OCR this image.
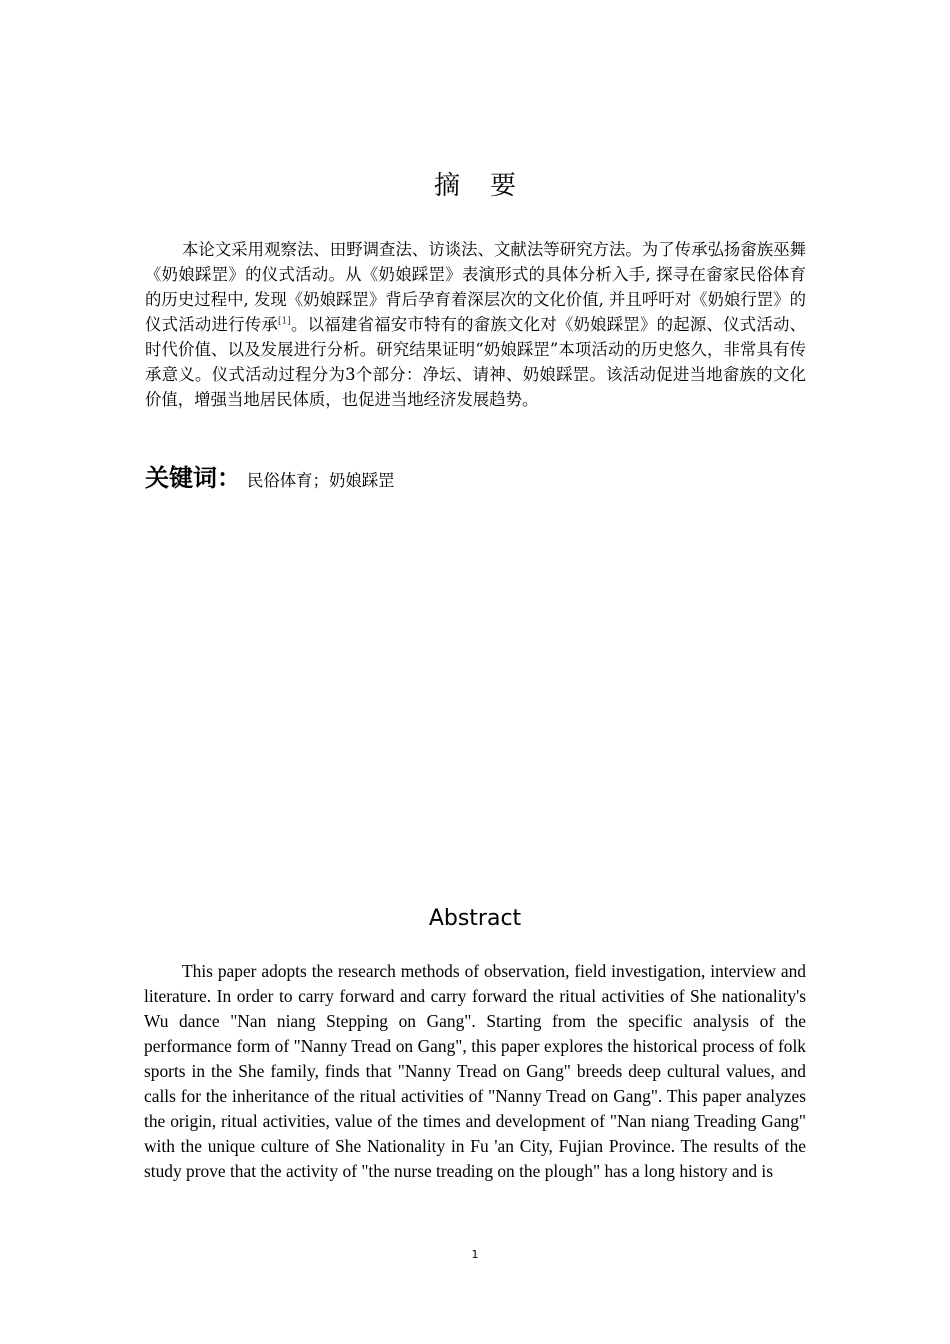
摘要

本论文采用观察法、田野调查法、访谈法、文献法等研究方法。为了传承弘扬畲族巫舞《奶娘踩罡》的仪式活动。从《奶娘踩罡》表演形式的具体分析入手, 探寻在畲家民俗体育的历史过程中, 发现《奶娘踩罡》背后孕育着深层次的文化价值, 并且呼吁对《奶娘行罡》的仪式活动进行传承[1]。以福建省福安市特有的畲族文化对《奶娘踩罡》的起源、仪式活动、时代价值、以及发展进行分析。研究结果证明“奶娘踩罡”本项活动的历史悠久，非常具有传承意义。仪式活动过程分为3个部分：净坛、请神、奶娘踩罡。该活动促进当地畲族的文化价值，增强当地居民体质，也促进当地经济发展趋势。

关键词： 民俗体育；奶娘踩罡
Abstract

This paper adopts the research methods of observation, field investigation, interview and literature. In order to carry forward and carry forward the ritual activities of She nationality's Wu dance "Nan niang Stepping on Gang". Starting from the specific analysis of the performance form of "Nanny Tread on Gang", this paper explores the historical process of folk sports in the She family, finds that "Nanny Tread on Gang" breeds deep cultural values, and calls for the inheritance of the ritual activities of "Nanny Tread on Gang". This paper analyzes the origin, ritual activities, value of the times and development of "Nan niang Treading Gang" with the unique culture of She Nationality in Fu 'an City, Fujian Province. The results of the study prove that the activity of "the nurse treading on the plough" has a long history and is

1
